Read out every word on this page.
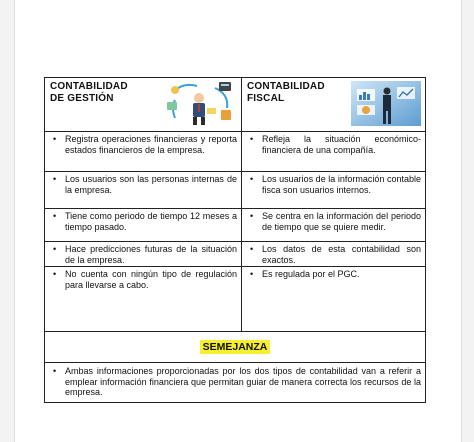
CONTABILIDAD
DE GESTIÓN
CONTABILIDAD
FISCAL
• Registra operaciones financieras y reporta estados financieros de la empresa.
• Refleja la situación económico-financiera de una compañía.
• Los usuarios son las personas internas de la empresa.
• Los usuarios de la información contable fisca son usuarios internos.
• Tiene como periodo de tiempo 12 meses a tiempo pasado.
• Se centra en la información del periodo de tiempo que se quiere medir.
• Hace predicciones futuras de la situación de la empresa.
• Los datos de esta contabilidad son exactos.
• No cuenta con ningún tipo de regulación para llevarse a cabo.
• Es regulada por el PGC.
SEMEJANZA
• Ambas informaciones proporcionadas por los dos tipos de contabilidad van a referir a emplear información financiera que permitan guiar de manera correcta los recursos de la empresa.
